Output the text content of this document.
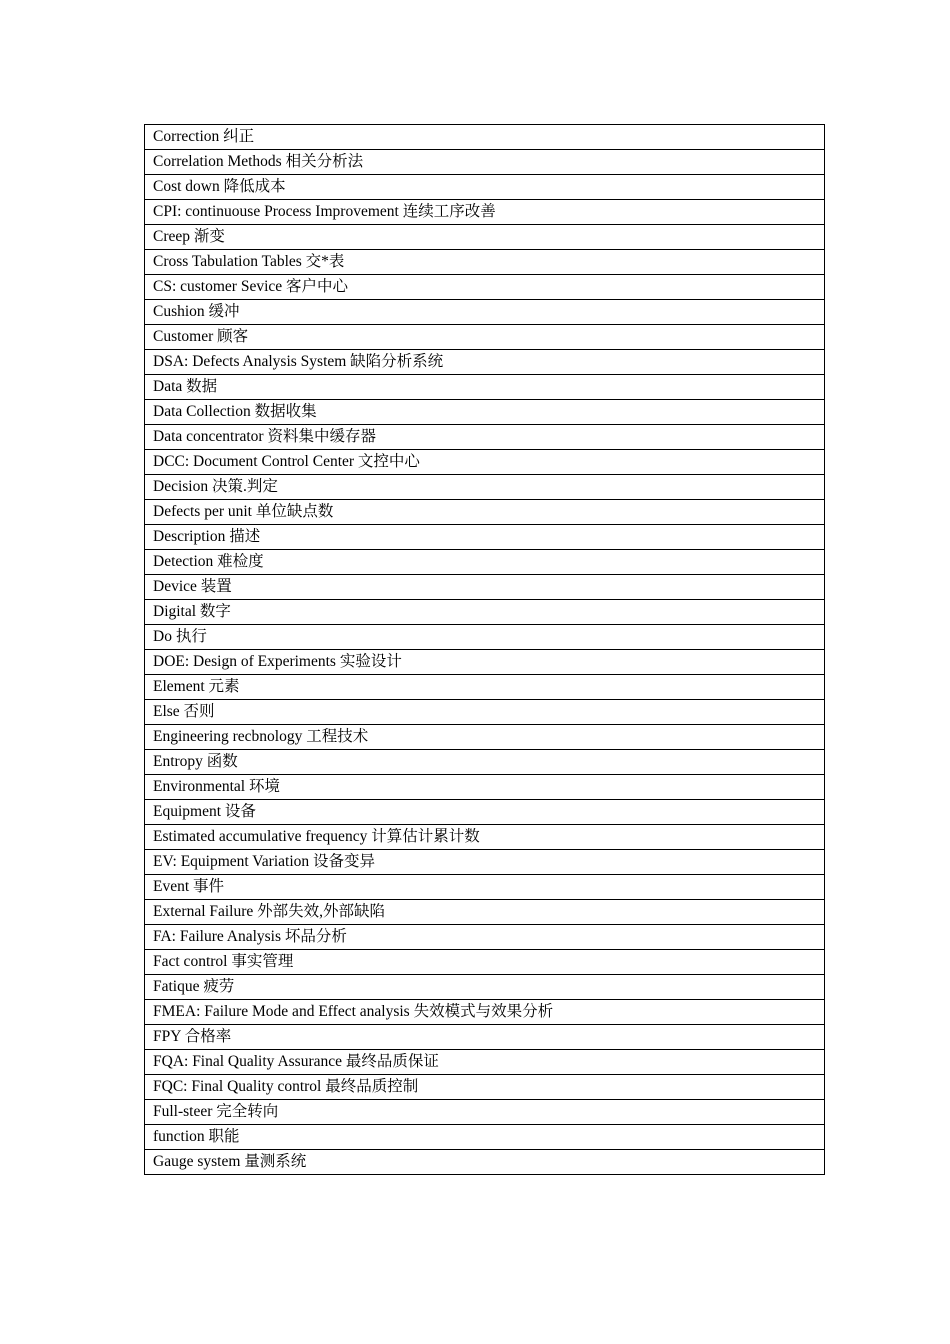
Correction 纠正
Correlation Methods 相关分析法
Cost down 降低成本
CPI: continuouse Process Improvement 连续工序改善
Creep 渐变
Cross Tabulation Tables 交*表
CS: customer Sevice 客户中心
Cushion 缓冲
Customer 顾客
DSA: Defects Analysis System 缺陷分析系统
Data 数据
Data Collection 数据收集
Data concentrator 资料集中缓存器
DCC: Document Control Center 文控中心
Decision 决策.判定
Defects per unit 单位缺点数
Description 描述
Detection 难检度
Device 装置
Digital 数字
Do 执行
DOE: Design of Experiments 实验设计
Element 元素
Else 否则
Engineering recbnology 工程技术
Entropy 函数
Environmental 环境
Equipment 设备
Estimated accumulative frequency 计算估计累计数
EV: Equipment Variation 设备变异
Event 事件
External Failure 外部失效,外部缺陷
FA: Failure Analysis 坏品分析
Fact control 事实管理
Fatique 疲劳
FMEA: Failure Mode and Effect analysis 失效模式与效果分析
FPY 合格率
FQA: Final Quality Assurance 最终品质保证
FQC: Final Quality control 最终品质控制
Full-steer 完全转向
function 职能
Gauge system 量测系统
